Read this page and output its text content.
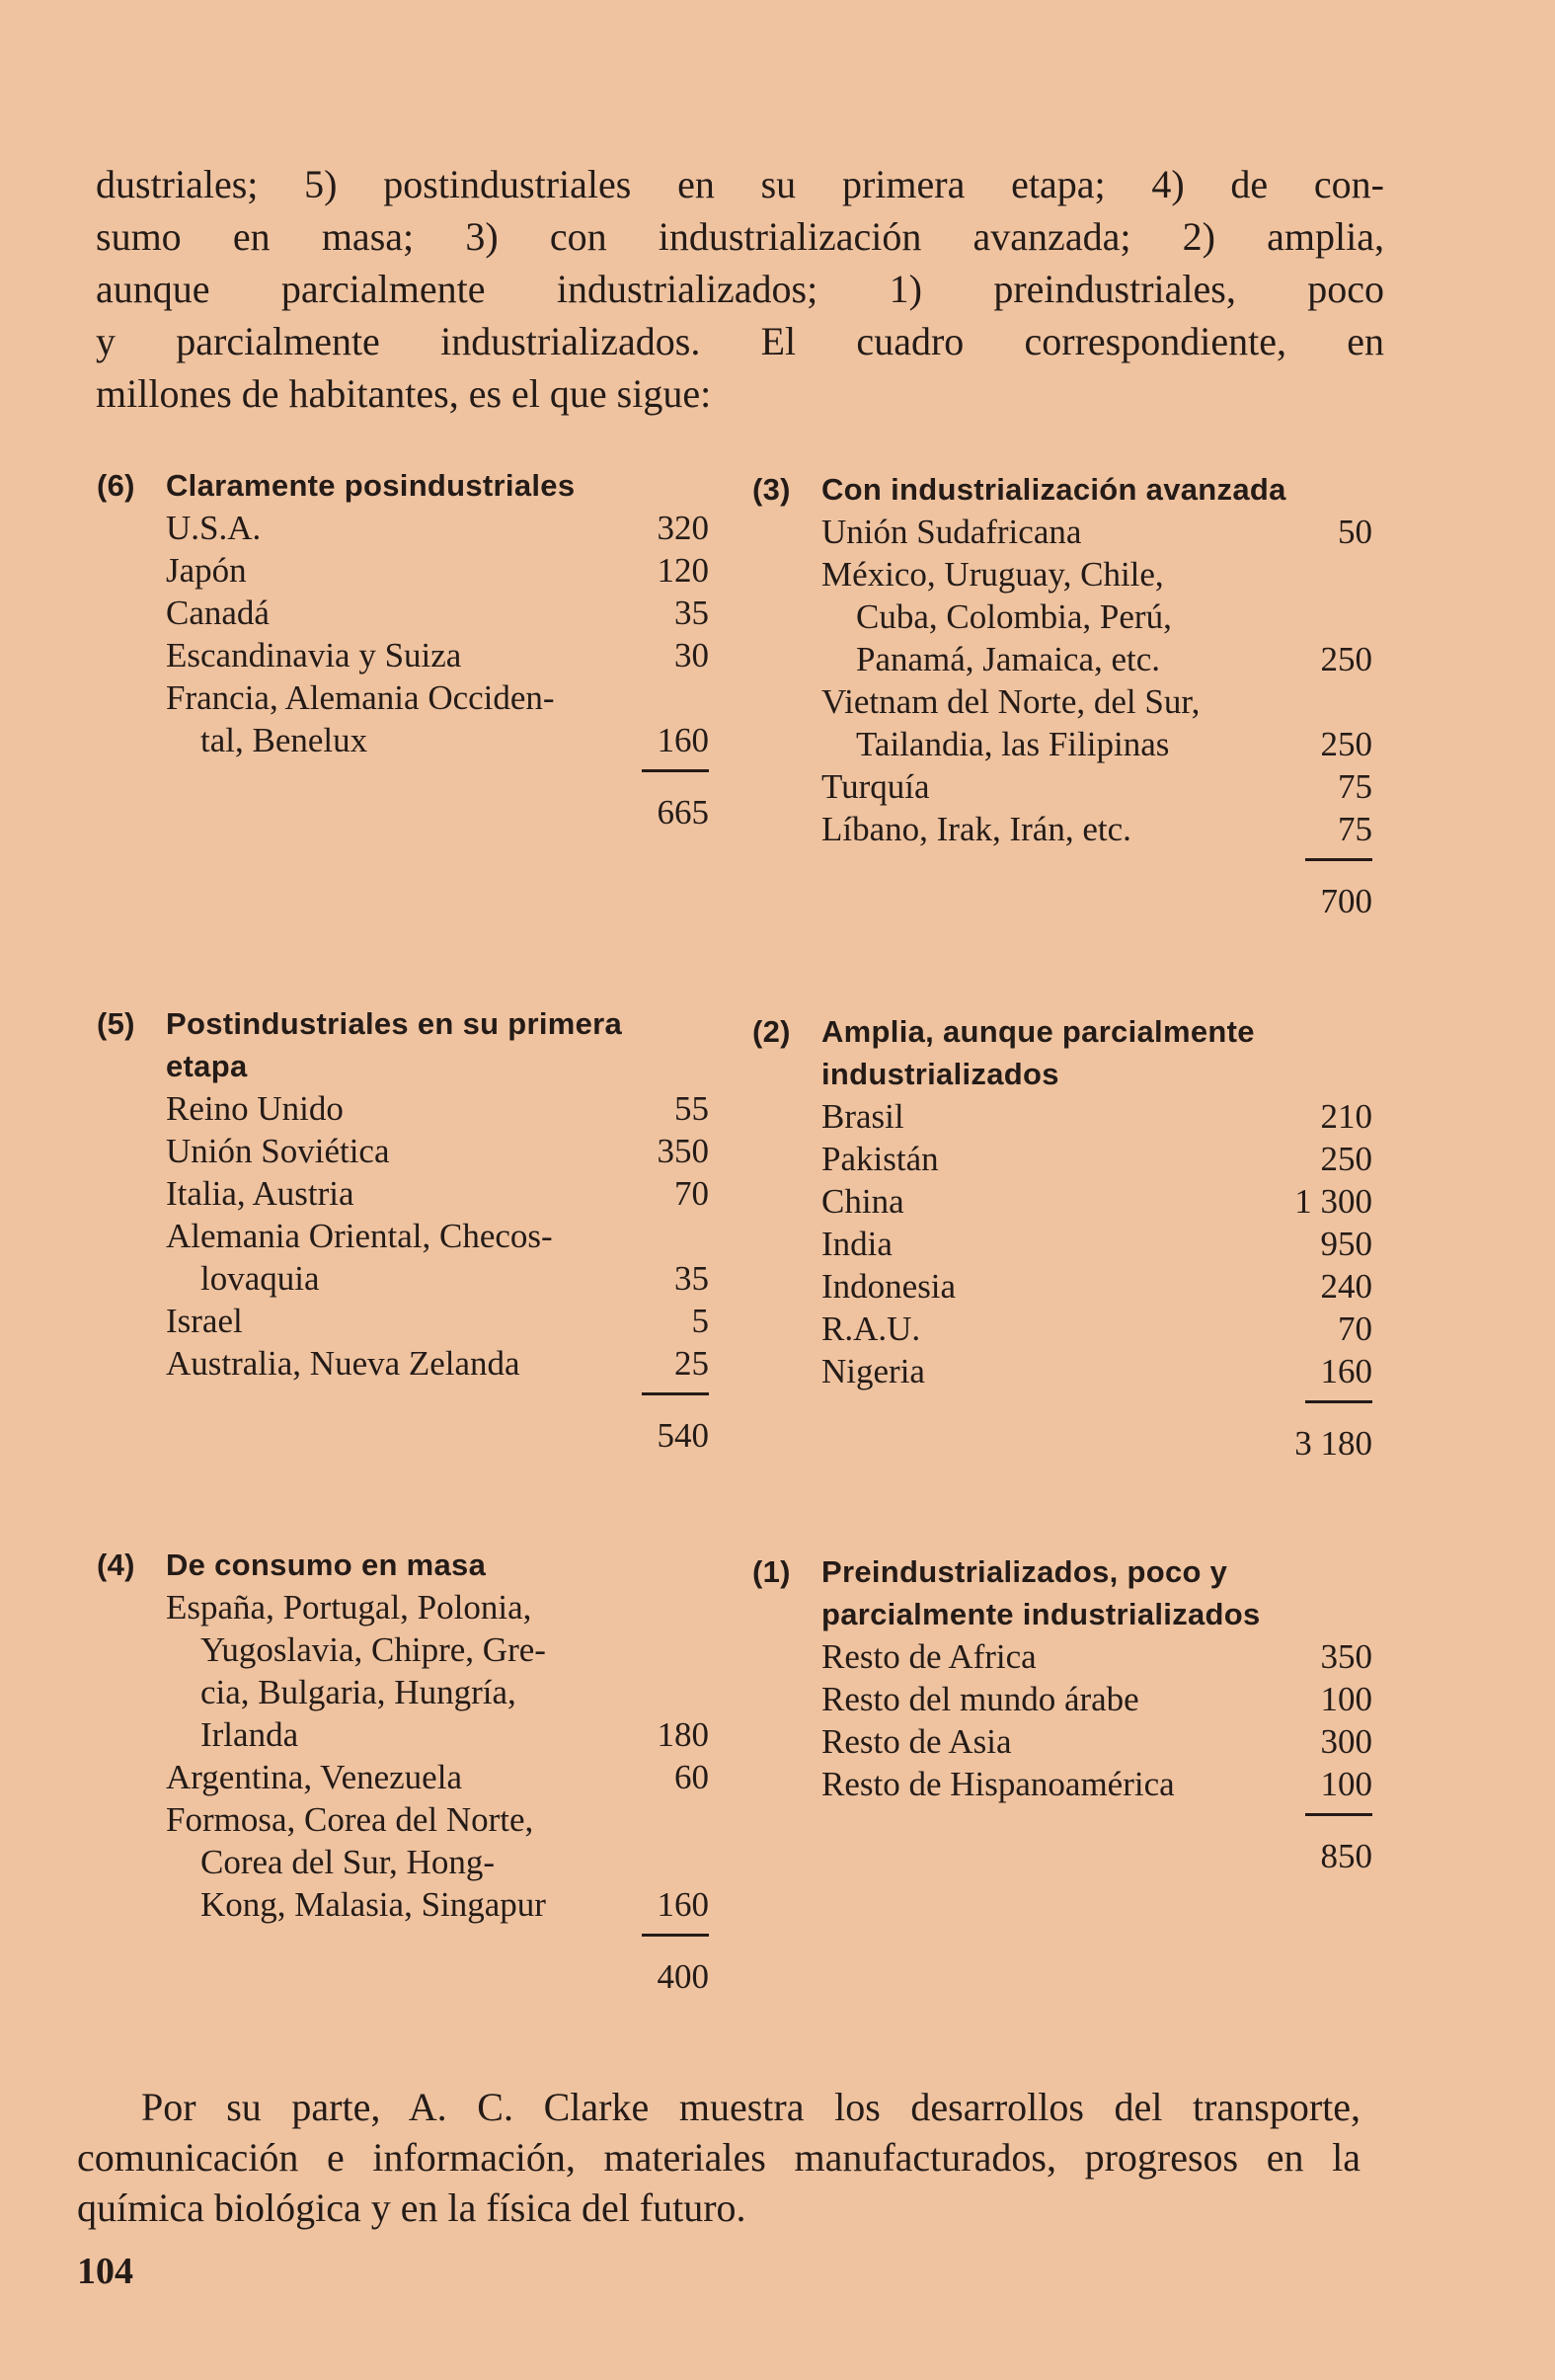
dustriales; 5) postindustriales en su primera etapa; 4) de con-

sumo en masa; 3) con industrialización avanzada; 2) amplia,

aunque parcialmente industrializados; 1) preindustriales, poco

y parcialmente industrializados. El cuadro correspondiente, en

millones de habitantes, es el que sigue:

(6)	Claramente posindustriales
U.S.A.	320
Japón	120
Canadá	35
Escandinavia y Suiza	30
Francia, Alemania Occiden-
tal, Benelux	160
665
(3)	Con industrialización avanzada
Unión Sudafricana	50
México, Uruguay, Chile,
Cuba, Colombia, Perú,
Panamá, Jamaica, etc.	250
Vietnam del Norte, del Sur,
Tailandia, las Filipinas	250
Turquía	75
Líbano, Irak, Irán, etc.	75
700
(5)	Postindustriales en su primera etapa
Reino Unido	55
Unión Soviética	350
Italia, Austria	70
Alemania Oriental, Checos-
lovaquia	35
Israel	5
Australia, Nueva Zelanda	25
540
(2)	Amplia, aunque parcialmente industrializados
Brasil	210
Pakistán	250
China	1 300
India	950
Indonesia	240
R.A.U.	70
Nigeria	160
3 180
(4)	De consumo en masa
España, Portugal, Polonia,
Yugoslavia, Chipre, Gre-
cia, Bulgaria, Hungría,
Irlanda	180
Argentina, Venezuela	60
Formosa, Corea del Norte,
Corea del Sur, Hong-
Kong, Malasia, Singapur	160
400
(1)	Preindustrializados, poco y parcialmente industrializados
Resto de Africa	350
Resto del mundo árabe	100
Resto de Asia	300
Resto de Hispanoamérica	100
850

Por su parte, A. C. Clarke muestra los desarrollos del transporte, comunicación e información, materiales manufacturados, progresos en la química biológica y en la física del futuro.

104
